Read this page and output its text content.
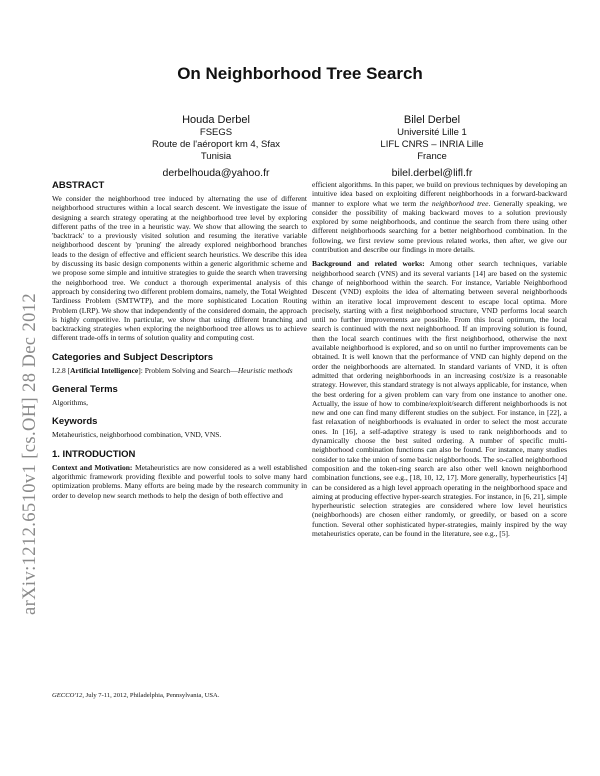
arXiv:1212.6510v1 [cs.OH] 28 Dec 2012
On Neighborhood Tree Search
Houda Derbel
FSEGS
Route de l'aéroport km 4, Sfax
Tunisia
derbelhouda@yahoo.fr
Bilel Derbel
Université Lille 1
LIFL CNRS – INRIA Lille
France
bilel.derbel@lifl.fr
ABSTRACT

We consider the neighborhood tree induced by alternating the use of different neighborhood structures within a local search descent. We investigate the issue of designing a search strategy operating at the neighborhood tree level by exploring different paths of the tree in a heuristic way. We show that allowing the search to 'backtrack' to a previously visited solution and resuming the iterative variable neighborhood descent by 'pruning' the already explored neighborhood branches leads to the design of effective and efficient search heuristics. We describe this idea by discussing its basic design components within a generic algorithmic scheme and we propose some simple and intuitive strategies to guide the search when traversing the neighborhood tree. We conduct a thorough experimental analysis of this approach by considering two different problem domains, namely, the Total Weighted Tardiness Problem (SMTWTP), and the more sophisticated Location Routing Problem (LRP). We show that independently of the considered domain, the approach is highly competitive. In particular, we show that using different branching and backtracking strategies when exploring the neighborhood tree allows us to achieve different trade-offs in terms of solution quality and computing cost.

Categories and Subject Descriptors

I.2.8 [Artificial Intelligence]: Problem Solving and Search—Heuristic methods

General Terms

Algorithms,

Keywords

Metaheuristics, neighborhood combination, VND, VNS.

1. INTRODUCTION

Context and Motivation: Metaheuristics are now considered as a well established algorithmic framework providing flexible and powerful tools to solve many hard optimization problems. Many efforts are being made by the research community in order to develop new search methods to help the design of both effective and

efficient algorithms. In this paper, we build on previous techniques by developing an intuitive idea based on exploiting different neighborhoods in a forward-backward manner to explore what we term the neighborhood tree. Generally speaking, we consider the possibility of making backward moves to a solution previously explored by some neighborhoods, and continue the search from there using other different neighborhoods searching for a better neighborhood combination. In the following, we first review some previous related works, then after, we give our contribution and describe our findings in more details.

Background and related works: Among other search techniques, variable neighborhood search (VNS) and its several variants [14] are based on the systemic change of neighborhood within the search. For instance, Variable Neighborhood Descent (VND) exploits the idea of alternating between several neighborhoods within an iterative local improvement descent to escape local optima. More precisely, starting with a first neighborhood structure, VND performs local search until no further improvements are possible. From this local optimum, the local search is continued with the next neighborhood. If an improving solution is found, then the local search continues with the first neighborhood, otherwise the next available neighborhood is explored, and so on until no further improvements can be obtained. It is well known that the performance of VND can highly depend on the order the neighborhoods are alternated. In standard variants of VND, it is often admitted that ordering neighborhoods in an increasing cost/size is a reasonable strategy. However, this standard strategy is not always applicable, for instance, when the best ordering for a given problem can vary from one instance to another one. Actually, the issue of how to combine/exploit/search different neighborhoods is not new and one can find many different studies on the subject. For instance, in [22], a fast relaxation of neighborhoods is evaluated in order to select the most accurate ones. In [16], a self-adaptive strategy is used to rank neighborhoods and to dynamically choose the best suited ordering. A number of specific multi-neighborhood combination functions can also be found. For instance, many studies consider to take the union of some basic neighborhoods. The so-called neighborhood composition and the token-ring search are also other well known neighborhood combination functions, see e.g., [18, 10, 12, 17]. More generally, hyperheuristics [4] can be considered as a high level approach operating in the neighborhood space and aiming at producing effective hyper-search strategies. For instance, in [6, 21], simple hyperheuristic selection strategies are considered where low level heuristics (neighborhoods) are chosen either randomly, or greedily, or based on a score function. Several other sophisticated hyper-strategies, mainly inspired by the way metaheuristics operate, can be found in the literature, see e.g., [5].

GECCO'12, July 7-11, 2012, Philadelphia, Pennsylvania, USA.
